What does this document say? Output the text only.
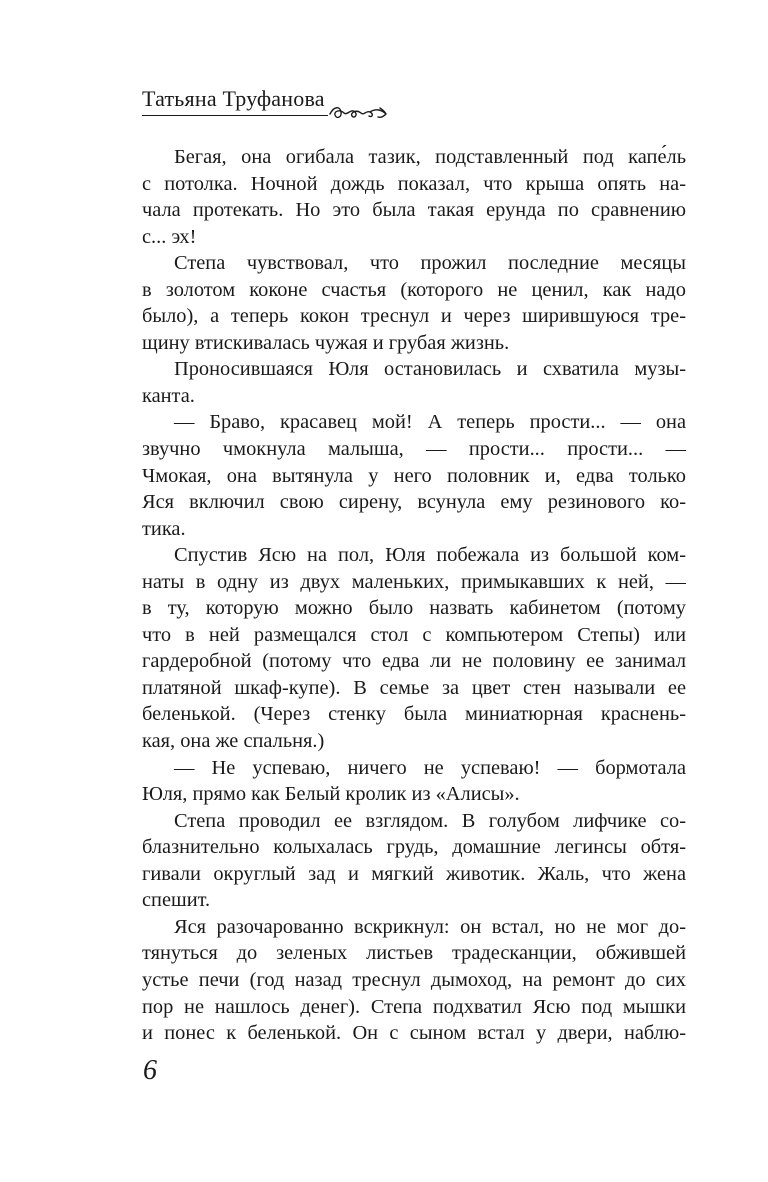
Татьяна Труфанова
Бегая, она огибала тазик, подставленный под капе́ль
с потолка. Ночной дождь показал, что крыша опять на-
чала протекать. Но это была такая ерунда по сравнению
с... эх!
Степа чувствовал, что прожил последние месяцы
в золотом коконе счастья (которого не ценил, как надо
было), а теперь кокон треснул и через ширившуюся тре-
щину втискивалась чужая и грубая жизнь.
Проносившаяся Юля остановилась и схватила музы-
канта.
— Браво, красавец мой! А теперь прости... — она
звучно чмокнула малыша, — прости... прости... —
Чмокая, она вытянула у него половник и, едва только
Яся включил свою сирену, всунула ему резинового ко-
тика.
Спустив Ясю на пол, Юля побежала из большой ком-
наты в одну из двух маленьких, примыкавших к ней, —
в ту, которую можно было назвать кабинетом (потому
что в ней размещался стол с компьютером Степы) или
гардеробной (потому что едва ли не половину ее занимал
платяной шкаф-купе). В семье за цвет стен называли ее
беленькой. (Через стенку была миниатюрная краснень-
кая, она же спальня.)
— Не успеваю, ничего не успеваю! — бормотала
Юля, прямо как Белый кролик из «Алисы».
Степа проводил ее взглядом. В голубом лифчике со-
блазнительно колыхалась грудь, домашние легинсы обтя-
гивали округлый зад и мягкий животик. Жаль, что жена
спешит.
Яся разочарованно вскрикнул: он встал, но не мог до-
тянуться до зеленых листьев традесканции, обжившей
устье печи (год назад треснул дымоход, на ремонт до сих
пор не нашлось денег). Степа подхватил Ясю под мышки
и понес к беленькой. Он с сыном встал у двери, наблю-
6
